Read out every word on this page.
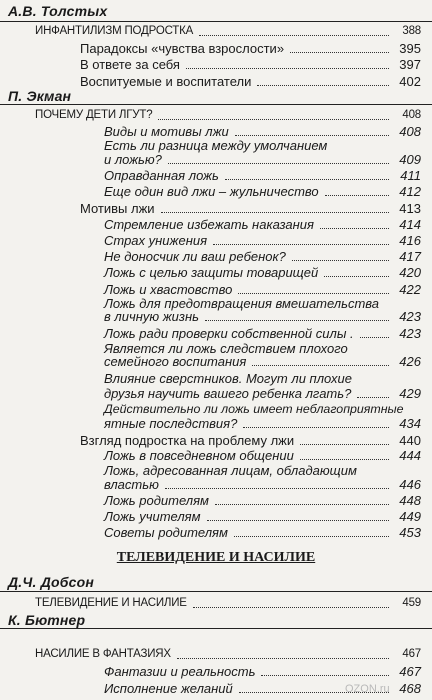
А.В. Толстых
ИНФАНТИЛИЗМ ПОДРОСТКА	388
Парадоксы «чувства взрослости»	395
В ответе за себя	397
Воспитуемые и воспитатели	402
П. Экман
ПОЧЕМУ ДЕТИ ЛГУТ?	408
Виды и мотивы лжи	408
Есть ли разница между умолчанием
и ложью?	409
Оправданная ложь	411
Еще один вид лжи – жульничество	412
Мотивы лжи	413
Стремление избежать наказания	414
Страх унижения	416
Не доносчик ли ваш ребенок?	417
Ложь с целью защиты товарищей	420
Ложь и хвастовство	422
Ложь для предотвращения вмешательства
в личную жизнь	423
Ложь ради проверки собственной силы .	423
Является ли ложь следствием плохого
семейного воспитания	426
Влияние сверстников. Могут ли плохие
друзья научить вашего ребенка лгать?	429
Действительно ли ложь имеет неблагоприятные
ятные последствия?	434
Взгляд подростка на проблему лжи	440
Ложь в повседневном общении	444
Ложь, адресованная лицам, обладающим
властью	446
Ложь родителям	448
Ложь учителям	449
Советы родителям	453
ТЕЛЕВИДЕНИЕ И НАСИЛИЕ
Д.Ч. Добсон
ТЕЛЕВИДЕНИЕ И НАСИЛИЕ	459
К. Бютнер
НАСИЛИЕ В ФАНТАЗИЯХ	467
Фантазии и реальность	467
Исполнение желаний	468
OZON.ru
